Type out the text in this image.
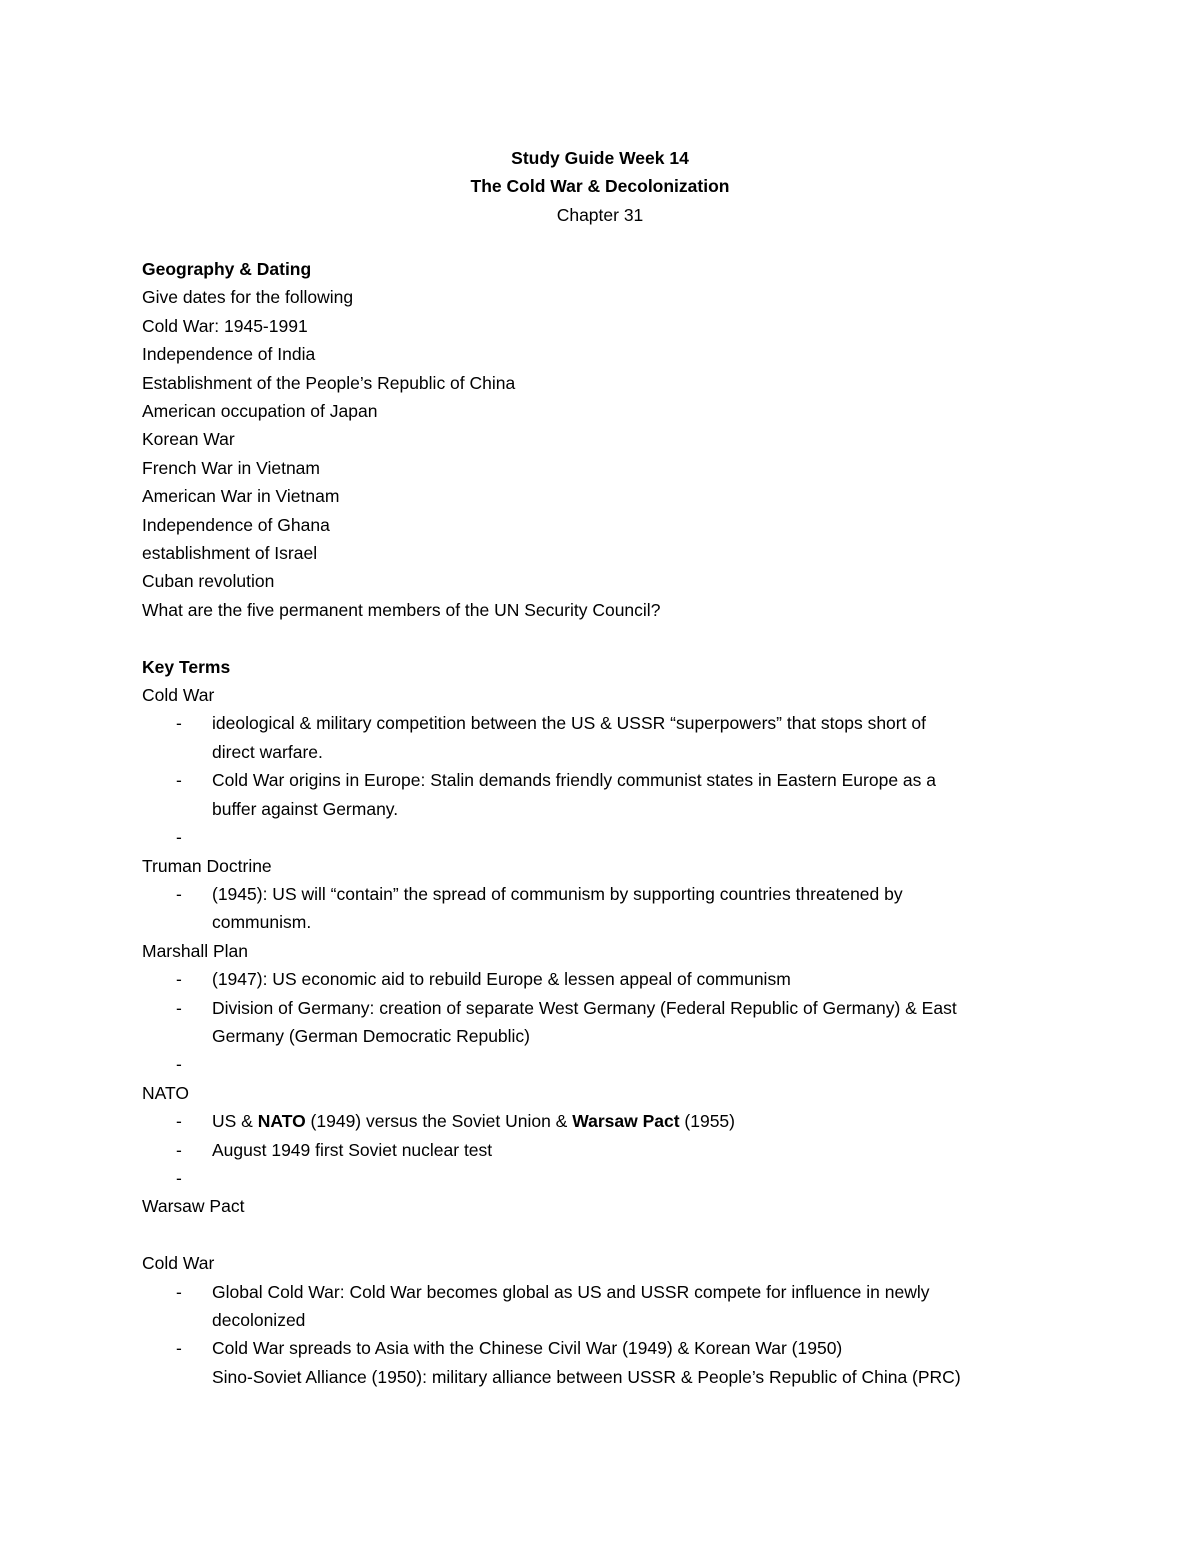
Study Guide Week 14
The Cold War & Decolonization
Chapter 31
Geography & Dating
Give dates for the following
Cold War: 1945-1991
Independence of India
Establishment of the People’s Republic of China
American occupation of Japan
Korean War
French War in Vietnam
American War in Vietnam
Independence of Ghana
establishment of Israel
Cuban revolution
What are the five permanent members of the UN Security Council?
Key Terms
Cold War
- ideological & military competition between the US & USSR “superpowers” that stops short of
direct warfare.
- Cold War origins in Europe: Stalin demands friendly communist states in Eastern Europe as a
buffer against Germany.
-
Truman Doctrine
- (1945): US will “contain” the spread of communism by supporting countries threatened by
communism.
Marshall Plan
- (1947): US economic aid to rebuild Europe & lessen appeal of communism
- Division of Germany: creation of separate West Germany (Federal Republic of Germany) & East
Germany (German Democratic Republic)
-
NATO
- US & NATO (1949) versus the Soviet Union & Warsaw Pact (1955)
- August 1949 first Soviet nuclear test
-
Warsaw Pact
Cold War
- Global Cold War: Cold War becomes global as US and USSR compete for influence in newly
decolonized
- Cold War spreads to Asia with the Chinese Civil War (1949) & Korean War (1950)
Sino-Soviet Alliance (1950): military alliance between USSR & People’s Republic of China (PRC)
